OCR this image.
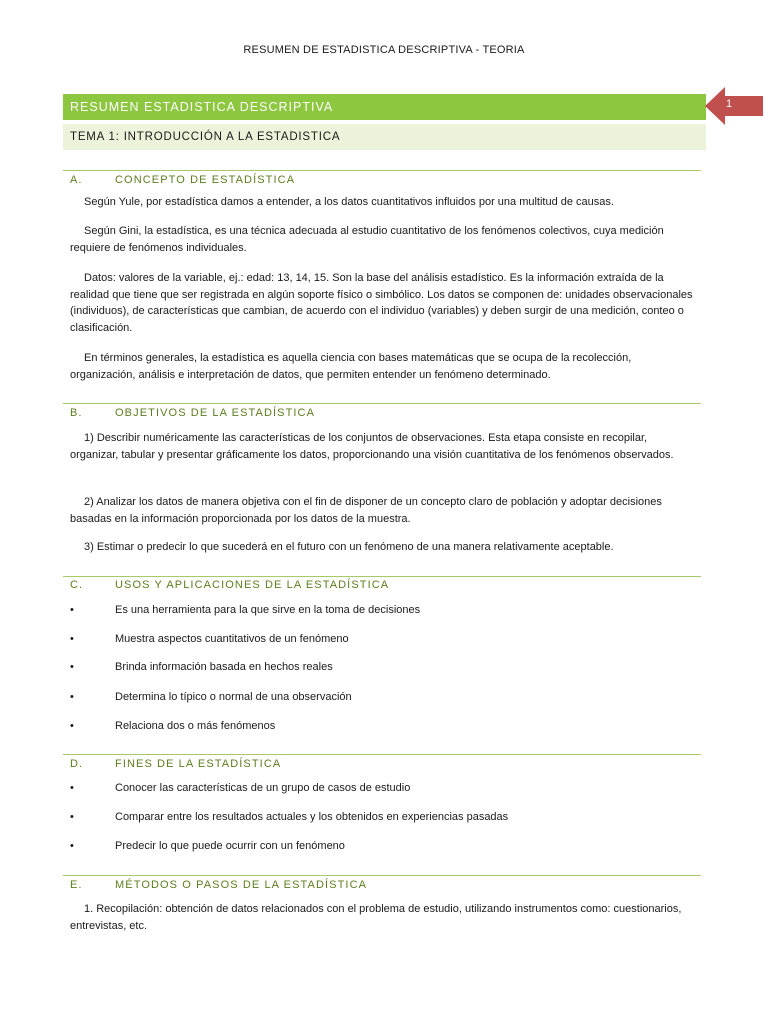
RESUMEN DE ESTADISTICA DESCRIPTIVA - TEORIA
RESUMEN ESTADISTICA DESCRIPTIVA	1
TEMA 1: INTRODUCCIÓN A LA ESTADISTICA
A.	CONCEPTO DE ESTADÍSTICA

Según Yule, por estadística damos a entender, a los datos cuantitativos influidos por una multitud de causas.

Según Gini, la estadística, es una técnica adecuada al estudio cuantitativo de los fenómenos colectivos, cuya medición requiere de fenómenos individuales.

Datos: valores de la variable, ej.: edad: 13, 14, 15. Son la base del análisis estadístico. Es la información extraída de la realidad que tiene que ser registrada en algún soporte físico o simbólico. Los datos se componen de: unidades observacionales (individuos), de características que cambian, de acuerdo con el individuo (variables) y deben surgir de una medición, conteo o clasificación.

En términos generales, la estadística es aquella ciencia con bases matemáticas que se ocupa de la recolección, organización, análisis e interpretación de datos, que permiten entender un fenómeno determinado.

B.	OBJETIVOS DE LA ESTADÍSTICA

1) Describir numéricamente las características de los conjuntos de observaciones. Esta etapa consiste en recopilar, organizar, tabular y presentar gráficamente los datos, proporcionando una visión cuantitativa de los fenómenos observados.

2) Analizar los datos de manera objetiva con el fin de disponer de un concepto claro de población y adoptar decisiones basadas en la información proporcionada por los datos de la muestra.

3) Estimar o predecir lo que sucederá en el futuro con un fenómeno de una manera relativamente aceptable.

C.	USOS Y APLICACIONES DE LA ESTADÍSTICA
•	Es una herramienta para la que sirve en la toma de decisiones
•	Muestra aspectos cuantitativos de un fenómeno
•	Brinda información basada en hechos reales
•	Determina lo típico o normal de una observación
•	Relaciona dos o más fenómenos
D.	FINES DE LA ESTADÍSTICA
•	Conocer las características de un grupo de casos de estudio
•	Comparar entre los resultados actuales y los obtenidos en experiencias pasadas
•	Predecir lo que puede ocurrir con un fenómeno
E.	MÉTODOS O PASOS DE LA ESTADÍSTICA

1. Recopilación: obtención de datos relacionados con el problema de estudio, utilizando instrumentos como: cuestionarios, entrevistas, etc.
